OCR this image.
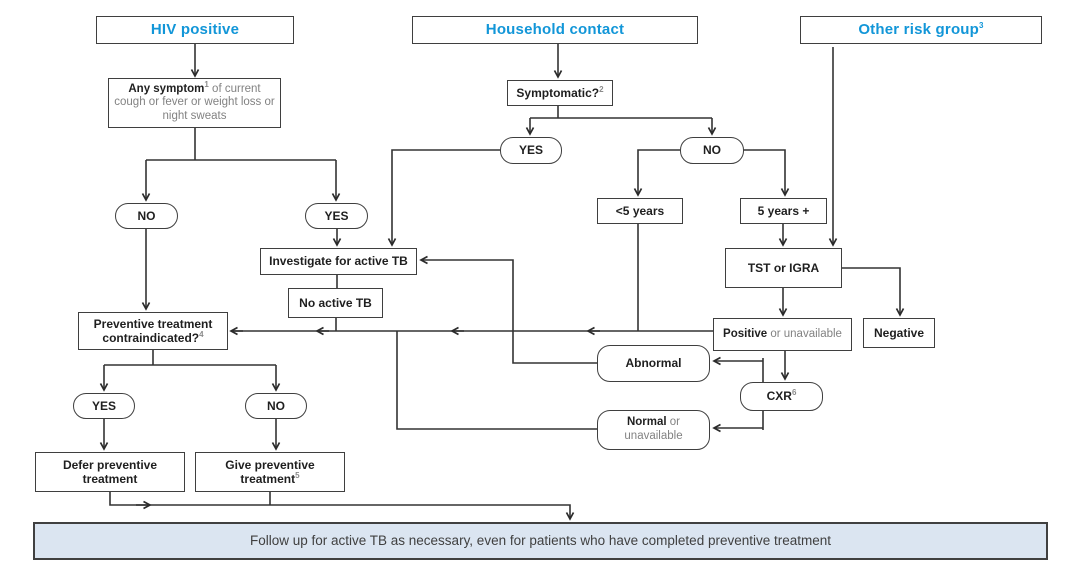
HIV positive	Household contact	Other risk group$^3$
Any symptom$^1$ of current cough or fever or weight loss or night sweats
NO	YES
Symptomatic?$^2$
YES	NO
<5 years	5 years +
Investigate for active TB
No active TB
TST or IGRA
Positive or unavailable	Negative
Preventive treatment contraindicated?$^4$
Abnormal
CXR$^6$
Normal or unavailable
YES	NO
Defer preventive treatment
Give preventive treatment$^5$
Follow up for active TB as necessary, even for patients who have completed preventive treatment
